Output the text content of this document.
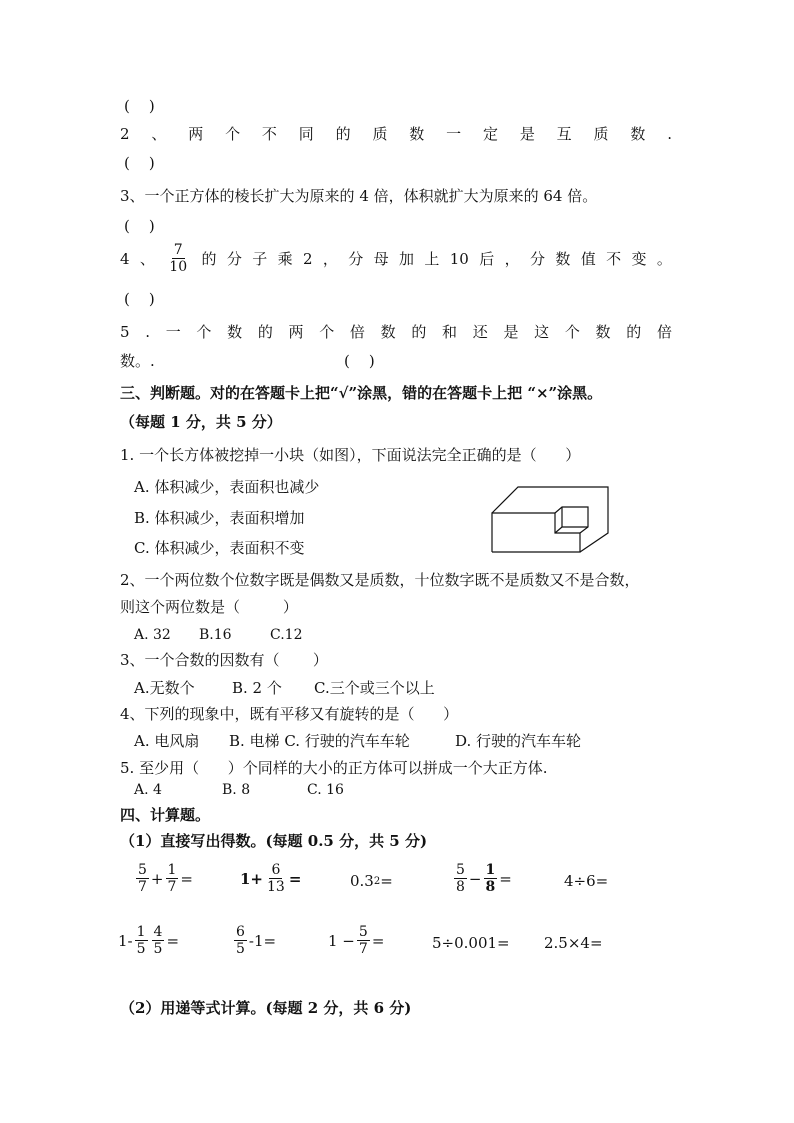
(    )
2 、 两 个 不 同 的 质 数 一 定 是 互 质 数 .
(    )
3、一个正方体的棱长扩大为原来的 4 倍，体积就扩大为原来的 64 倍。
(    )
4 、 $\frac{7}{10}$ 的 分 子 乘 2 ， 分 母 加 上 10 后 ， 分 数 值 不 变 。
(    )
5 . 一 个 数 的 两 个 倍 数 的 和 还 是 这 个 数 的 倍
数。.	(    )
三、判断题。对的在答题卡上把“√”涂黑，错的在答题卡上把 “×”涂黑。
（每题 1 分，共 5 分）
1. 一个长方体被挖掉一小块（如图），下面说法完全正确的是（      ）
A. 体积减少，表面积也减少
B. 体积减少，表面积增加
C. 体积减少，表面积不变
2、一个两位数个位数字既是偶数又是质数，十位数字既不是质数又不是合数，
则这个两位数是（         ）
A. 32 B.16	C.12
3、一个合数的因数有（       ）
A.无数个 B. 2 个 C.三个或三个以上
4、下列的现象中，既有平移又有旋转的是（      ）
A. 电风扇 B. 电梯 C. 行驶的汽车车轮	D. 行驶的汽车车轮
5. 至少用（      ）个同样的大小的正方体可以拼成一个大正方体.
A. 4	B. 8	C. 16
四、计算题。
（1）直接写出得数。(每题 0.5 分，共 5 分)
$\frac{5}{7} + \frac{1}{7}$ =	$1+ \frac{6}{13}$ =	0.3 2 =	$\frac{5}{8} - \frac{1}{8}$ =	4÷6=
$1- \frac{1}{5} \frac{4}{5}$ =	$\frac{6}{5} -1=$	$1 - \frac{5}{7}$ =	5÷0.001= 2.5×4=
（2）用递等式计算。(每题 2 分，共 6 分)
